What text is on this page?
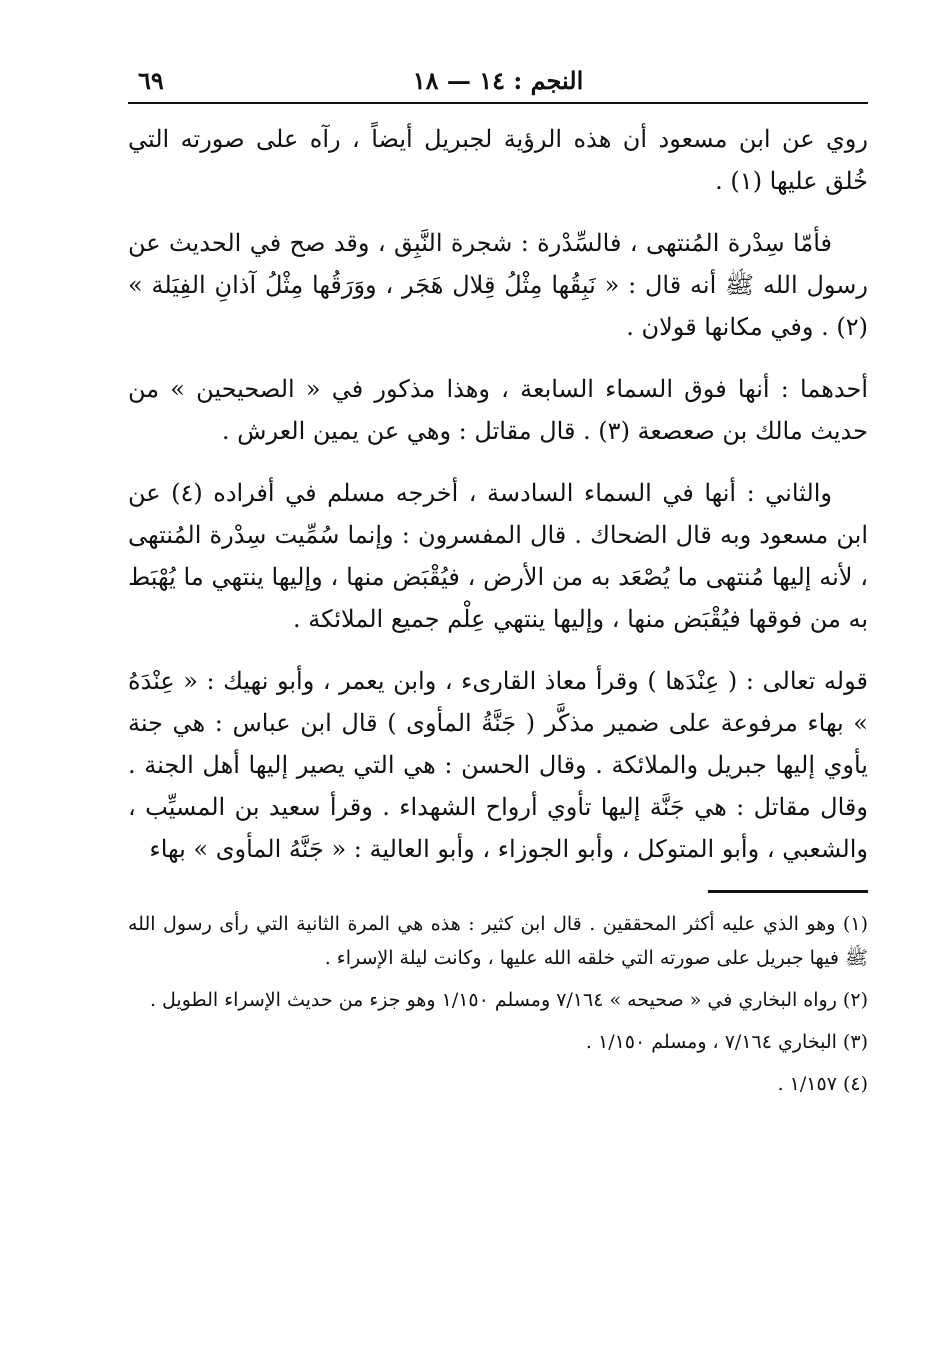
النجم : ١٤ — ١٨
٦٩

روي عن ابن مسعود أن هذه الرؤية لجبريل أيضاً ، رآه على صورته التي خُلق عليها (١) .

فأمّا سِدْرة المُنتهى ، فالسِّدْرة : شجرة النَّبِق ، وقد صح في الحديث عن رسول الله ﷺ أنه قال : « نَبِقُها مِثْلُ قِلال هَجَر ، ووَرَقُها مِثْلُ آذانِ الفِيَلة » (٢) . وفي مكانها قولان .

أحدهما : أنها فوق السماء السابعة ، وهذا مذكور في « الصحيحين » من حديث مالك بن صعصعة (٣) . قال مقاتل : وهي عن يمين العرش .

والثاني : أنها في السماء السادسة ، أخرجه مسلم في أفراده (٤) عن ابن مسعود وبه قال الضحاك . قال المفسرون : وإنما سُمِّيت سِدْرة المُنتهى ، لأنه إليها مُنتهى ما يُصْعَد به من الأرض ، فيُقْبَض منها ، وإليها ينتهي ما يُهْبَط به من فوقها فيُقْبَض منها ، وإليها ينتهي عِلْم جميع الملائكة .

قوله تعالى : ( عِنْدَها ) وقرأ معاذ القارىء ، وابن يعمر ، وأبو نهيك : « عِنْدَهُ » بهاء مرفوعة على ضمير مذكَّر ( جَنَّةُ المأوى ) قال ابن عباس : هي جنة يأوي إليها جبريل والملائكة . وقال الحسن : هي التي يصير إليها أهل الجنة . وقال مقاتل : هي جَنَّة إليها تأوي أرواح الشهداء . وقرأ سعيد بن المسيِّب ، والشعبي ، وأبو المتوكل ، وأبو الجوزاء ، وأبو العالية : « جَنَّهُ المأوى » بهاء

(١) وهو الذي عليه أكثر المحققين . قال ابن كثير : هذه هي المرة الثانية التي رأى رسول الله ﷺ فيها جبريل على صورته التي خلقه الله عليها ، وكانت ليلة الإسراء .

(٢) رواه البخاري في « صحيحه » ٧/١٦٤ ومسلم ١/١٥٠ وهو جزء من حديث الإسراء الطويل .

(٣) البخاري ٧/١٦٤ ، ومسلم ١/١٥٠ .

(٤) ١/١٥٧ .
